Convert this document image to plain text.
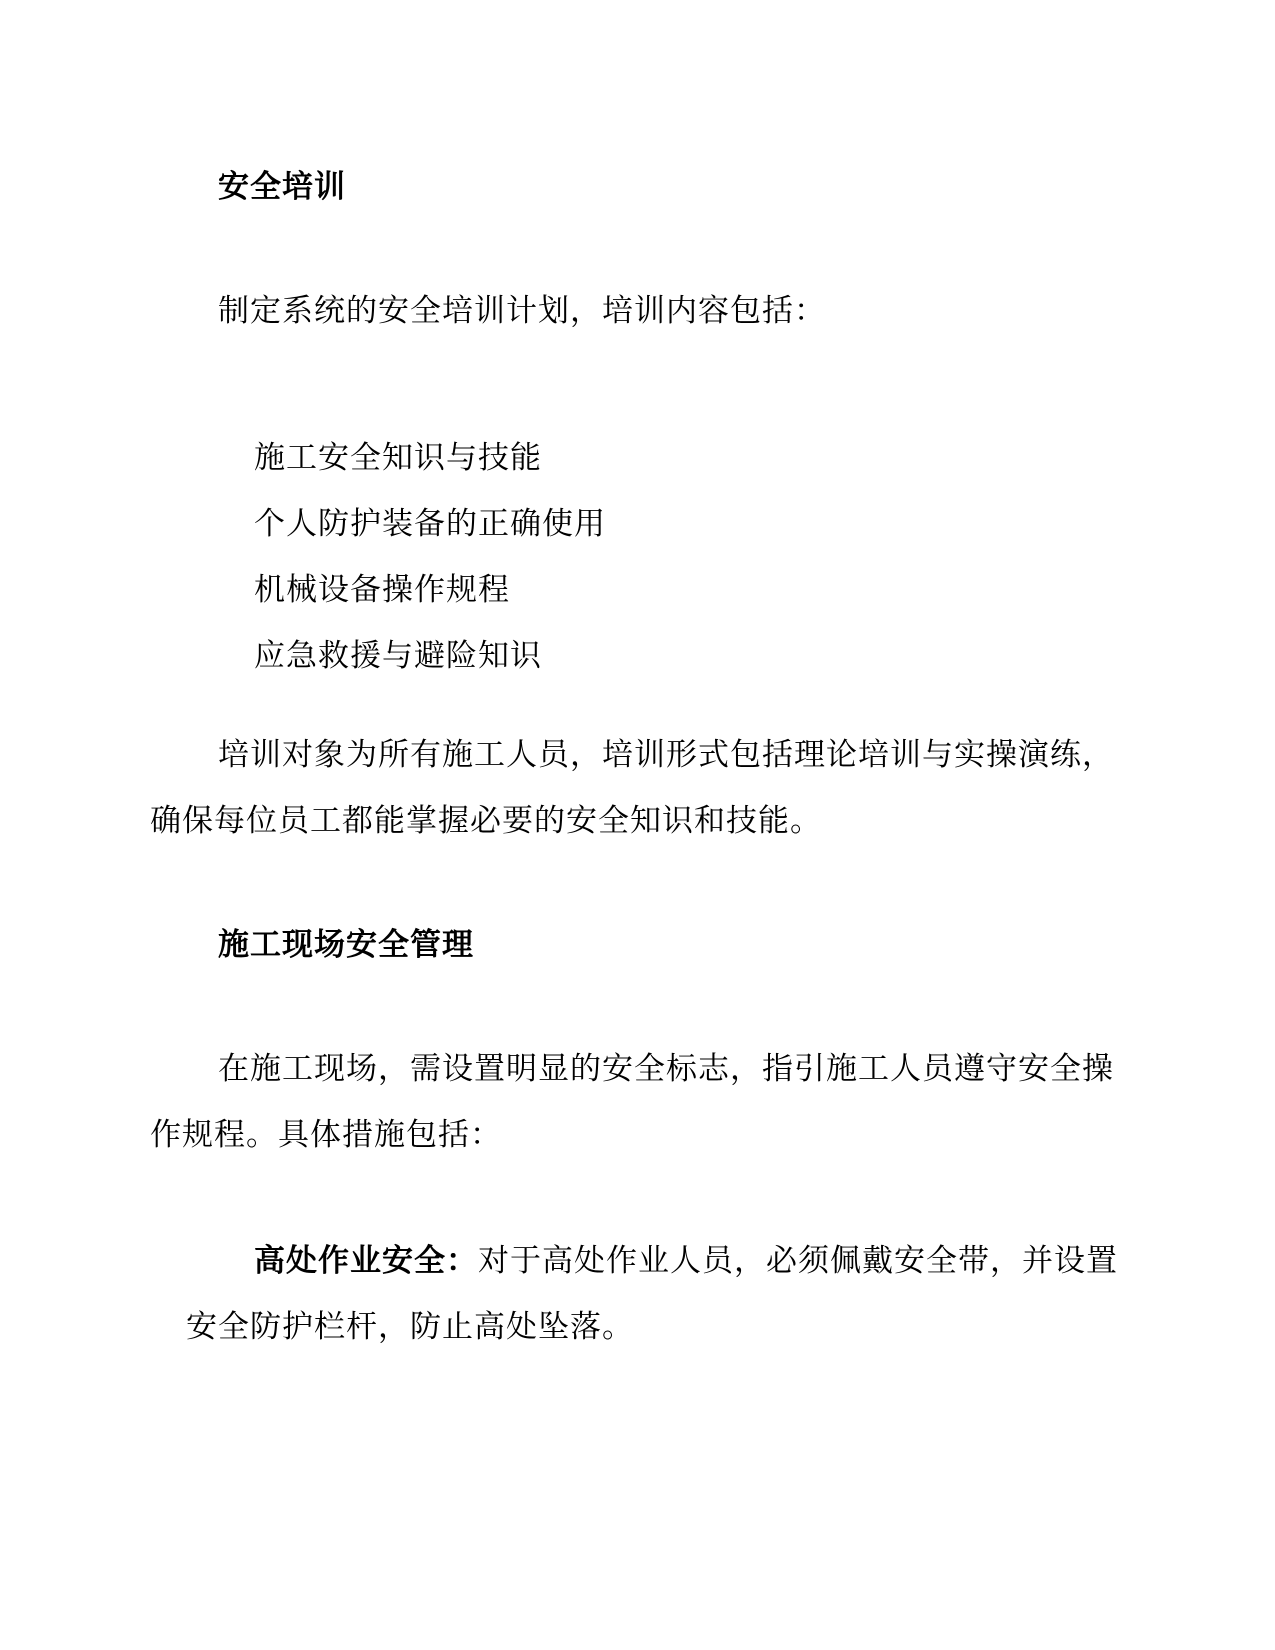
安全培训

制定系统的安全培训计划，培训内容包括：

施工安全知识与技能
个人防护装备的正确使用
机械设备操作规程
应急救援与避险知识

培训对象为所有施工人员，培训形式包括理论培训与实操演练，确保每位员工都能掌握必要的安全知识和技能。

施工现场安全管理

在施工现场，需设置明显的安全标志，指引施工人员遵守安全操作规程。具体措施包括：

高处作业安全：对于高处作业人员，必须佩戴安全带，并设置安全防护栏杆，防止高处坠落。
